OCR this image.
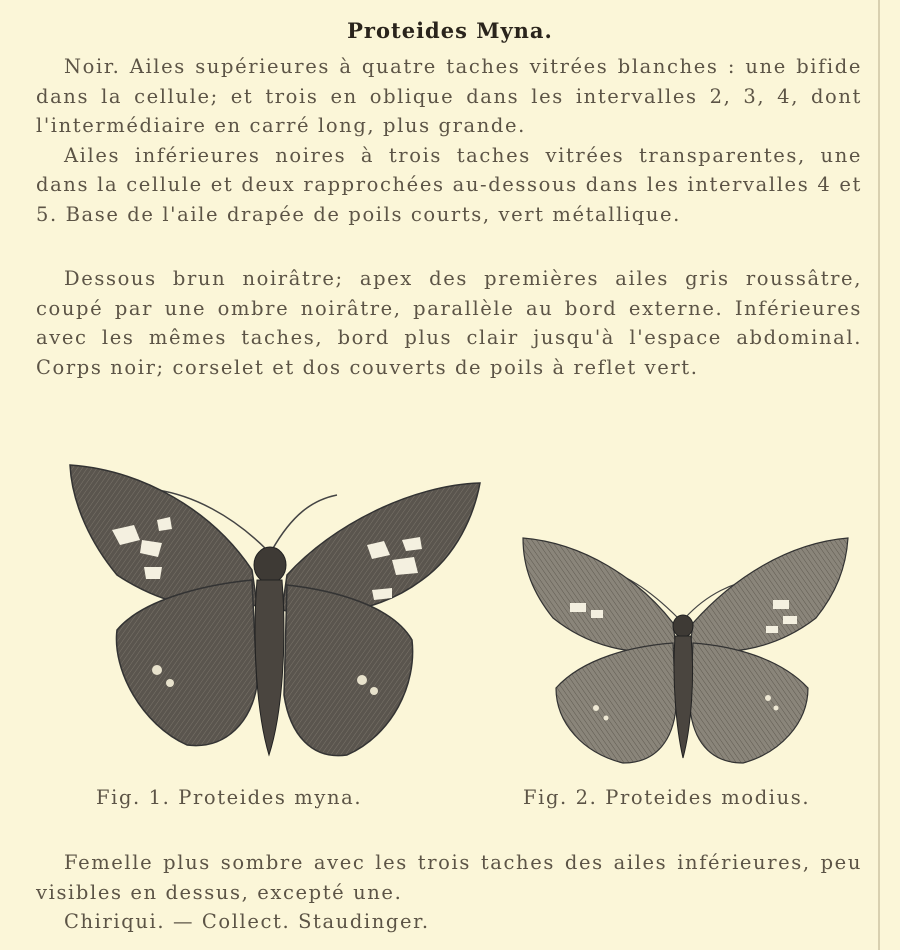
Proteides Myna.

Noir. Ailes supérieures à quatre taches vitrées blanches : une bifide dans la cellule; et trois en oblique dans les intervalles 2, 3, 4, dont l'intermédiaire en carré long, plus grande.

Ailes inférieures noires à trois taches vitrées transparentes, une dans la cellule et deux rapprochées au-dessous dans les intervalles 4 et 5. Base de l'aile drapée de poils courts, vert métallique.

Dessous brun noirâtre; apex des premières ailes gris roussâtre, coupé par une ombre noirâtre, parallèle au bord externe. Inférieures avec les mêmes taches, bord plus clair jusqu'à l'espace abdominal. Corps noir; corselet et dos couverts de poils à reflet vert.

Fig. 1. Proteides myna.	Fig. 2. Proteides modius.

Femelle plus sombre avec les trois taches des ailes inférieures, peu visibles en dessus, excepté une.

Chiriqui. — Collect. Staudinger.
